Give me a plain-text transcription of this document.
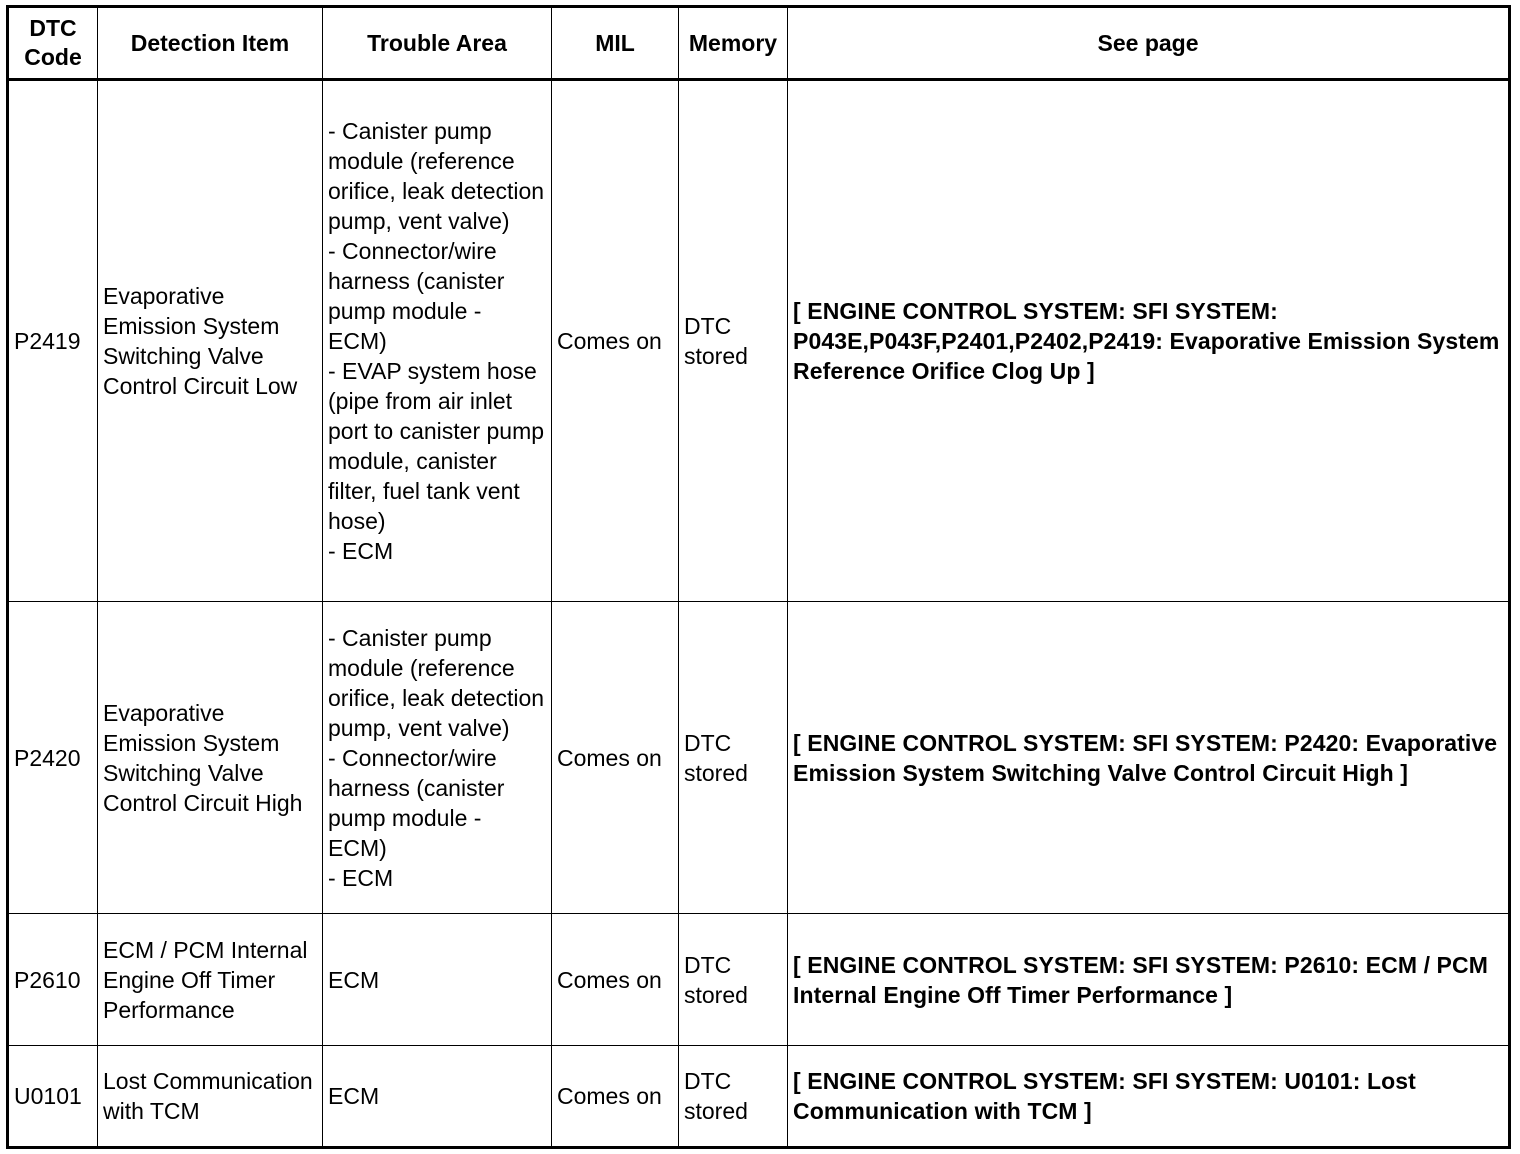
DTC Code	Detection Item	Trouble Area	MIL	Memory	See page
P2419	Evaporative Emission System Switching Valve Control Circuit Low	- Canister pump module (reference orifice, leak detection pump, vent valve)
- Connector/wire harness (canister pump module - ECM)
- EVAP system hose (pipe from air inlet port to canister pump module, canister filter, fuel tank vent hose)
- ECM	Comes on	DTC stored	[ ENGINE CONTROL SYSTEM: SFI SYSTEM: P043E,P043F,P2401,P2402,P2419: Evaporative Emission System Reference Orifice Clog Up ]
P2420	Evaporative Emission System Switching Valve Control Circuit High	- Canister pump module (reference orifice, leak detection pump, vent valve)
- Connector/wire harness (canister pump module - ECM)
- ECM	Comes on	DTC stored	[ ENGINE CONTROL SYSTEM: SFI SYSTEM: P2420: Evaporative Emission System Switching Valve Control Circuit High ]
P2610	ECM / PCM Internal Engine Off Timer Performance	ECM	Comes on	DTC stored	[ ENGINE CONTROL SYSTEM: SFI SYSTEM: P2610: ECM / PCM Internal Engine Off Timer Performance ]
U0101	Lost Communication with TCM	ECM	Comes on	DTC stored	[ ENGINE CONTROL SYSTEM: SFI SYSTEM: U0101: Lost Communication with TCM ]
